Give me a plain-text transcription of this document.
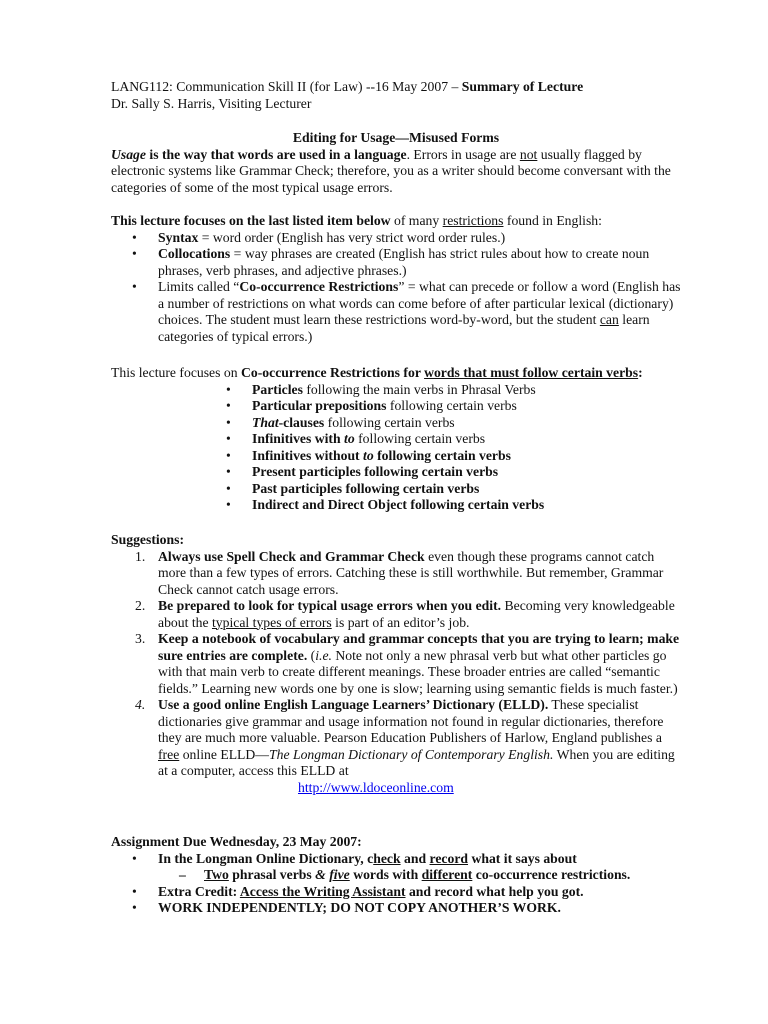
LANG112: Communication Skill II (for Law) --16 May 2007 – Summary of Lecture

Dr. Sally S. Harris, Visiting Lecturer

Editing for Usage—Misused Forms

Usage is the way that words are used in a language. Errors in usage are not usually flagged by electronic systems like Grammar Check; therefore, you as a writer should become conversant with the categories of some of the most typical usage errors.

This lecture focuses on the last listed item below of many restrictions found in English:

• Syntax = word order (English has very strict word order rules.)
• Collocations = way phrases are created (English has strict rules about how to create noun phrases, verb phrases, and adjective phrases.)
• Limits called “Co-occurrence Restrictions” = what can precede or follow a word (English has a number of restrictions on what words can come before of after particular lexical (dictionary) choices. The student must learn these restrictions word-by-word, but the student can learn categories of typical errors.)

This lecture focuses on Co-occurrence Restrictions for words that must follow certain verbs:

• Particles following the main verbs in Phrasal Verbs
• Particular prepositions following certain verbs
• That-clauses following certain verbs
• Infinitives with to following certain verbs
• Infinitives without to following certain verbs
• Present participles following certain verbs
• Past participles following certain verbs
• Indirect and Direct Object following certain verbs

Suggestions:

1. Always use Spell Check and Grammar Check even though these programs cannot catch more than a few types of errors. Catching these is still worthwhile. But remember, Grammar Check cannot catch usage errors.
2. Be prepared to look for typical usage errors when you edit. Becoming very knowledgeable about the typical types of errors is part of an editor’s job.
3. Keep a notebook of vocabulary and grammar concepts that you are trying to learn; make sure entries are complete. (i.e. Note not only a new phrasal verb but what other particles go with that main verb to create different meanings. These broader entries are called “semantic fields.” Learning new words one by one is slow; learning using semantic fields is much faster.)
4. Use a good online English Language Learners’ Dictionary (ELLD). These specialist dictionaries give grammar and usage information not found in regular dictionaries, therefore they are much more valuable. Pearson Education Publishers of Harlow, England publishes a free online ELLD—The Longman Dictionary of Contemporary English. When you are editing at a computer, access this ELLD at
http://www.ldoceonline.com

Assignment Due Wednesday, 23 May 2007:

• In the Longman Online Dictionary, check and record what it says about
– Two phrasal verbs & five words with different co-occurrence restrictions.
• Extra Credit: Access the Writing Assistant and record what help you got.
• WORK INDEPENDENTLY; DO NOT COPY ANOTHER’S WORK.
